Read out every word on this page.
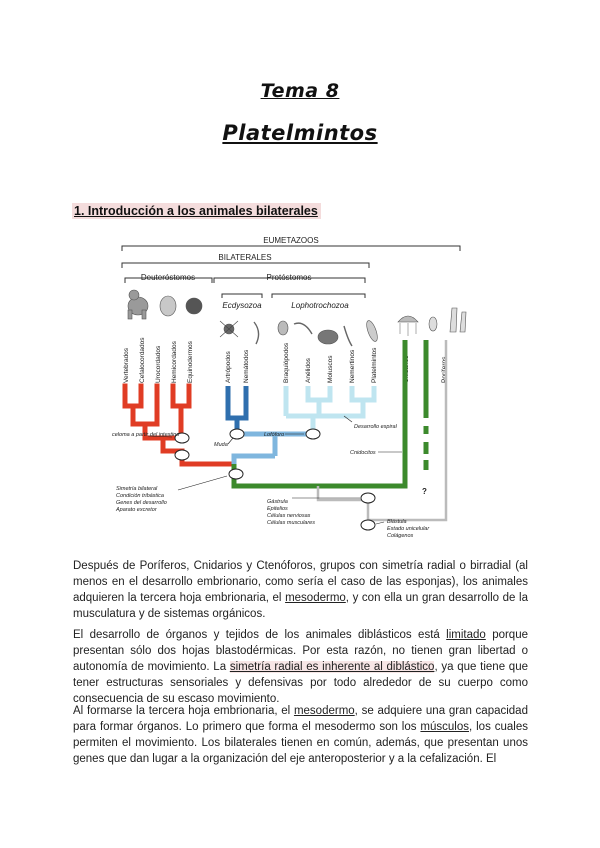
Tema 8
Platelmintos
1. Introducción a los animales bilaterales
EUMETAZOOS
BILATERALES
Deuteróstomos	Protóstomos
Ecdysozoa	Lophotrochozoa
Vertebrados Cefalocordados Urocordados Hemicordados Equinodermos	Artrópodos Nemátodos	Braquiópodos Anélidos Moluscos Nemertinos Platelmintos	Cnidarios Ctenóforos Poríferos
celoma a partir del intestino
Muda
Lofóforo
Desarrollo espiral
Cnidocitos
?
Simetría bilateral
Condición tribástica
Genes del desarrollo
Aparato excretor
Gástrula
Epitelios
Células nerviosas
Células musculares	Blástula
Estado unicelular
Colágenos

Después de Poríferos, Cnidarios y Ctenóforos, grupos con simetría radial o birradial (al menos en el desarrollo embrionario, como sería el caso de las esponjas), los animales adquieren la tercera hoja embrionaria, el mesodermo, y con ella un gran desarrollo de la musculatura y de sistemas orgánicos.

El desarrollo de órganos y tejidos de los animales diblásticos está limitado porque presentan sólo dos hojas blastodérmicas. Por esta razón, no tienen gran libertad o autonomía de movimiento. La simetría radial es inherente al diblástico, ya que tiene que tener estructuras sensoriales y defensivas por todo alrededor de su cuerpo como consecuencia de su escaso movimiento.

Al formarse la tercera hoja embrionaria, el mesodermo, se adquiere una gran capacidad para formar órganos. Lo primero que forma el mesodermo son los músculos, los cuales permiten el movimiento. Los bilaterales tienen en común, además, que presentan unos genes que dan lugar a la organización del eje anteroposterior y a la cefalización. El
